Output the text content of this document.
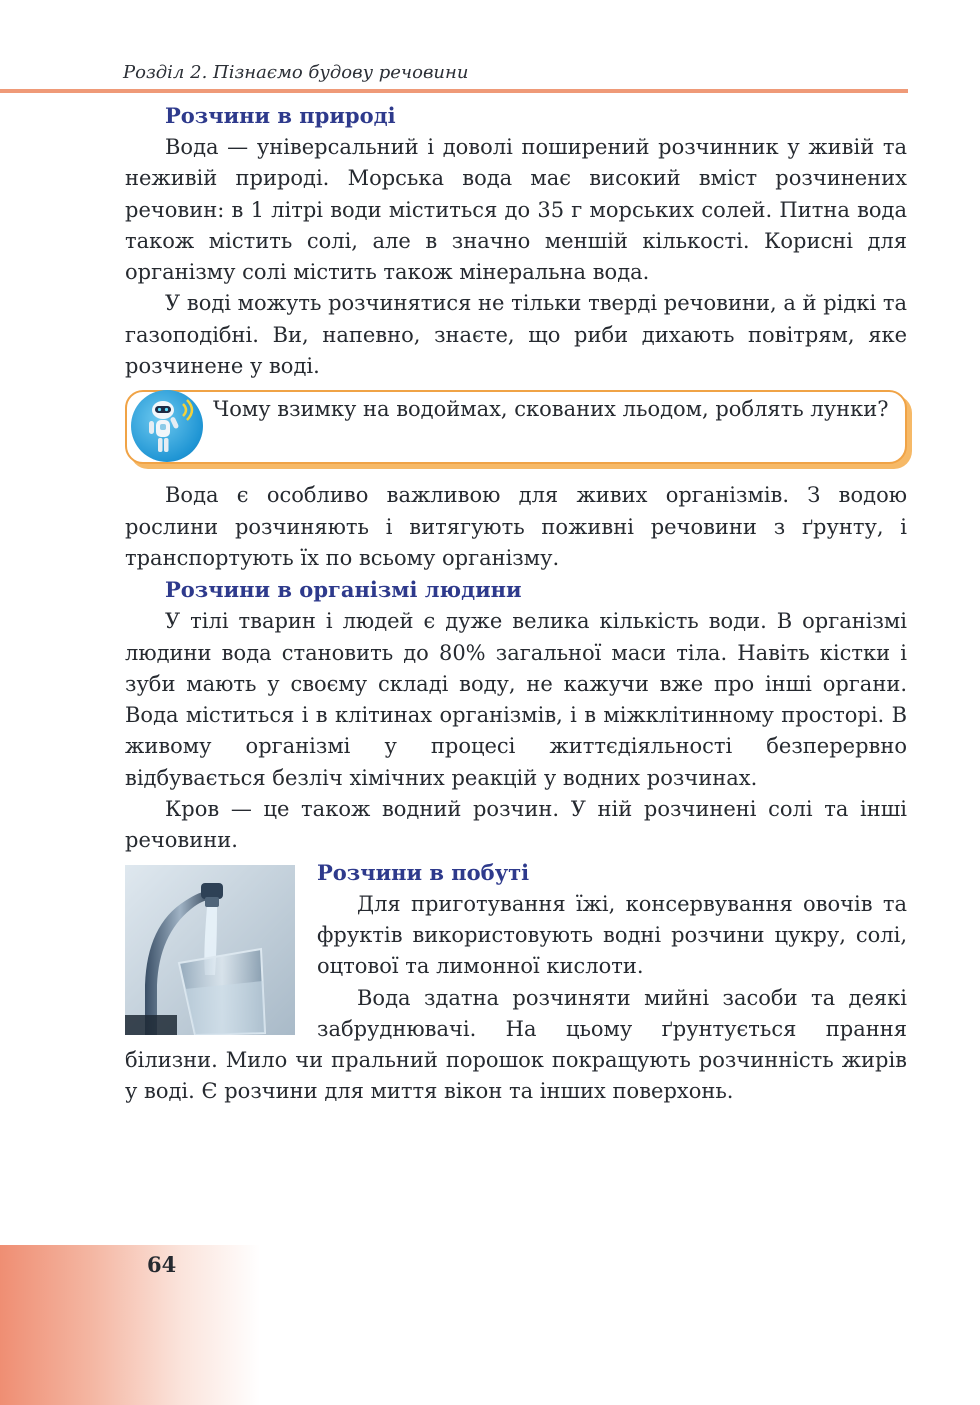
Розділ 2. Пізнаємо будову речовини
Розчини в природі

Вода — універсальний і доволі поширений розчинник у живій та неживій природі. Морська вода має високий вміст розчинених речовин: в 1 літрі води міститься до 35 г морських солей. Питна вода також містить солі, але в значно меншій кількості. Корисні для організму солі містить також мінеральна вода.

У воді можуть розчинятися не тільки тверді речовини, а й рідкі та газоподібні. Ви, напевно, знаєте, що риби дихають повітрям, яке розчинене у воді.

Чому взимку на водоймах, скованих льодом, роблять лунки?

Вода є особливо важливою для живих організмів. З водою рослини розчиняють і витягують поживні речовини з ґрунту, і транспортують їх по всьому організму.

Розчини в організмі людини

У тілі тварин і людей є дуже велика кількість води. В організмі людини вода становить до 80% загальної маси тіла. Навіть кістки і зуби мають у своєму складі воду, не кажучи вже про інші органи. Вода міститься і в клітинах організмів, і в міжклітинному просторі. В живому організмі у процесі життєдіяльності безперервно відбувається безліч хімічних реакцій у водних розчинах.

Кров — це також водний розчин. У ній розчинені солі та інші речовини.

Розчини в побуті

Для приготування їжі, консервування овочів та фруктів використовують водні розчини цукру, солі, оцтової та лимонної кислоти.

Вода здатна розчиняти мийні засоби та деякі забруднювачі. На цьому ґрунтується прання білизни. Мило чи пральний порошок покращують розчинність жирів у воді. Є розчини для миття вікон та інших поверхонь.

64
